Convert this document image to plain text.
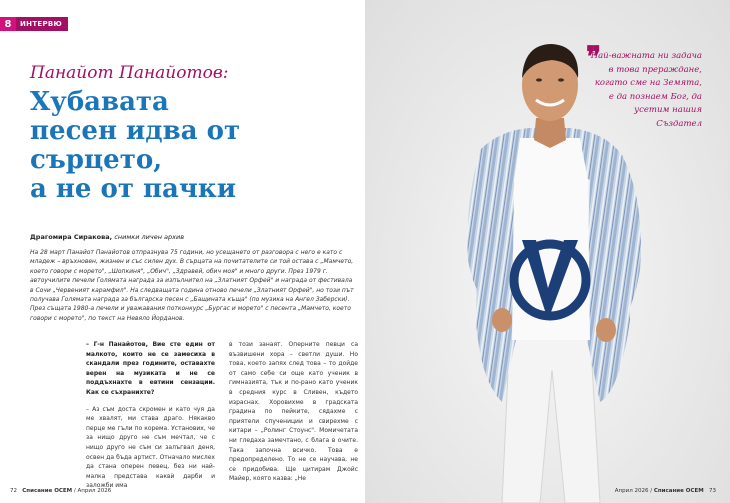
8	ИНТЕРВЮ
Панайот Панайотов:
Хубавата
песен идва от
сърцето,
а не от пачки
Драгомира Сиракова, снимки личен архив

На 28 март Панайот Панайотов отпразнува 75 години, но усещането от разговора с него е като с младеж – връхновен, жизнен и със силен дух. В сърцата на почитателите си той остава с „Мамчето, което говори с морето", „Шопкиня", „Обич", „Здравей, обич моя" и много други. През 1979 г. автоучилите печели Голямата награда за изпълнител на „Златният Орфей" и награда от фестивала в Сочи „Червеният карамфил". На следващата година отново печели „Златният Орфей", но този път получава Голямата награда за българска песен с „Бащината къща" (по музика на Ангел Заберски). През същата 1980-а печели и уважавания потконкурс „Бургас и морето" с песента „Мамчето, което говори с морето", по текст на Невяло Йорданов.

– Г-н Панайотов, Вие сте един от малкото, които не се замесиха в скандали през годините, оставахте верен на музиката и не се поддъхнахте в евтини сензации. Как се съхранихте?

– Аз съм доста скромен и като чуя да ме хвалят, ми става драго. Някакво перце ме гъли по корема. Установих, че за нищо друго не съм мечтал, че с нищо друго не съм си залъгвал деня, освен да бъда артист. Отначало мислех да стана оперен певец, без ни най-малка представа каквѝ дарби и заложби има

в този занаят. Оперните певци са възвишени хора – светли души. Но това, което запях след това – то дойде от само себе си още като ученик в гимназията, тък и по-рано като ученик в средния курс в Сливен, където израснах. Хоровихме в градската градина по пейките, сядахме с приятели спучениции и свирехме с китари – „Ролинг Стоунс". Момичетата ни гледаха замечтано, с блага в очите. Така започна всичко. Това е предопределено. То не се научава, не се придобива. Ще цитирам Джойс Майер, която казва: „Не

72 Списание ОСЕМ / Април 2026
❞

Най-важната ни задача в това прераждане, когато сме на Земята, е да познаем Бог, да усетим нашия Създател

Април 2026 / Списание ОСЕМ 73
